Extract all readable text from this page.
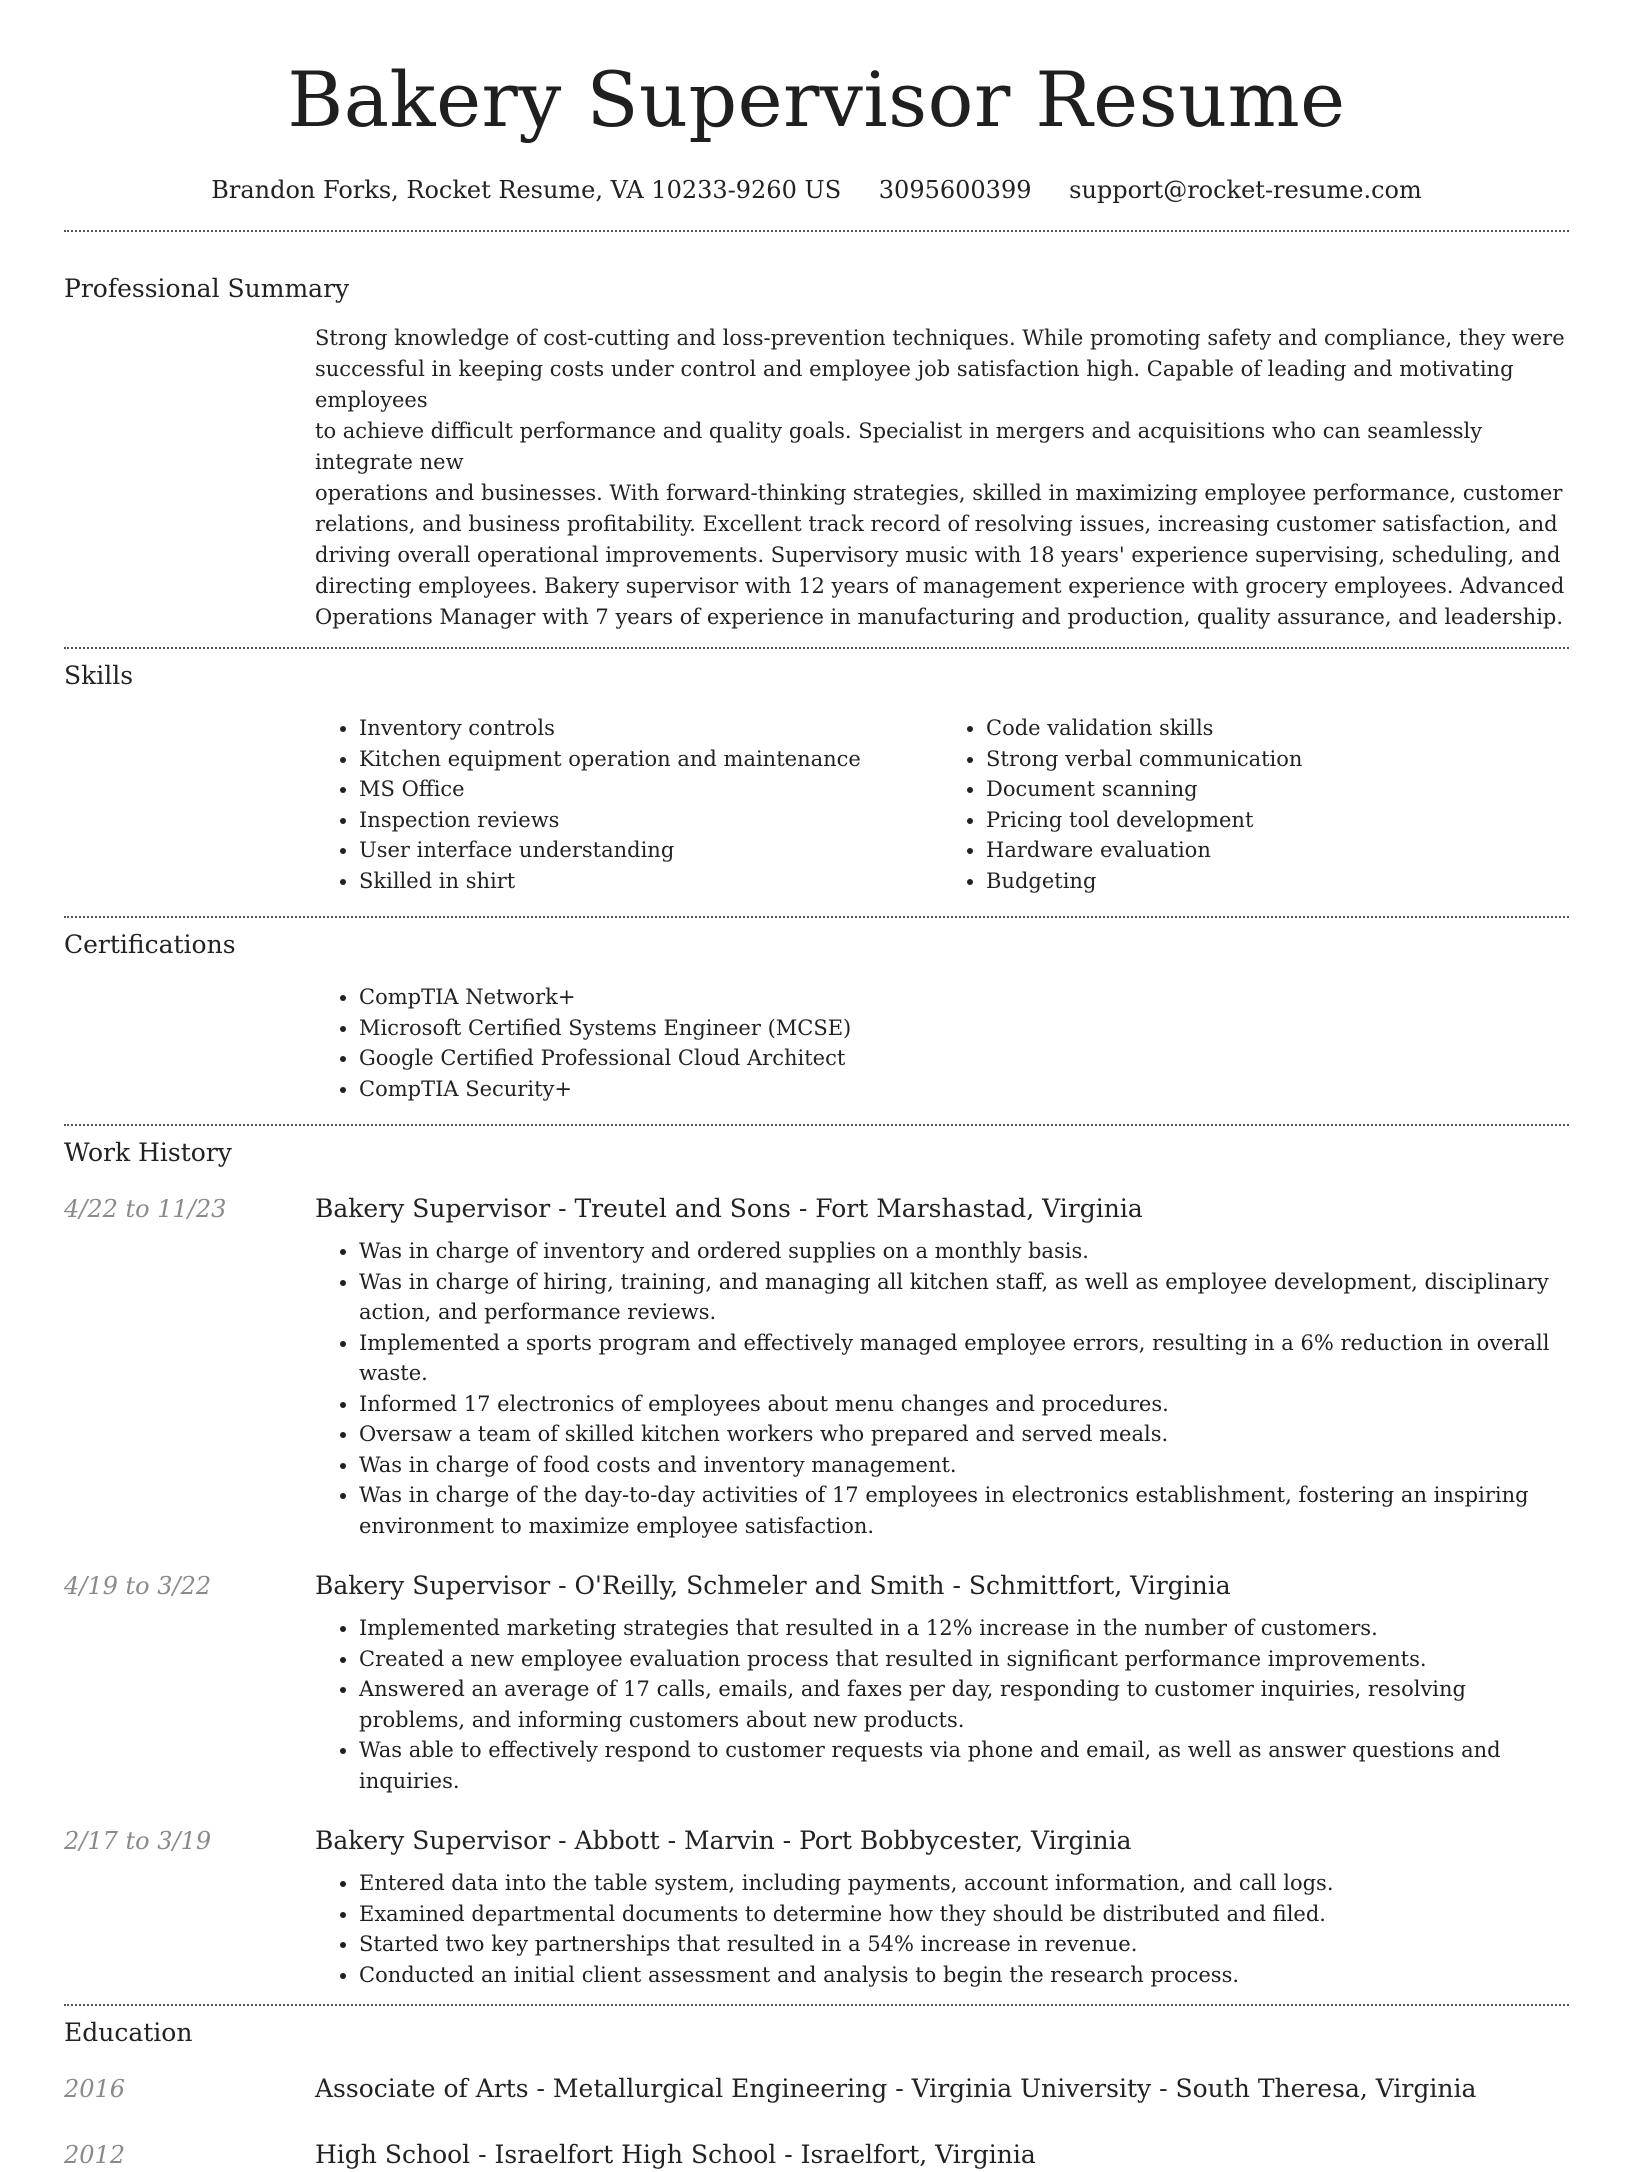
Bakery Supervisor Resume
Brandon Forks, Rocket Resume, VA 10233-9260 US 3095600399 support@rocket-resume.com
Professional Summary

Strong knowledge of cost-cutting and loss-prevention techniques. While promoting safety and compliance, they were

successful in keeping costs under control and employee job satisfaction high. Capable of leading and motivating employees

to achieve difficult performance and quality goals. Specialist in mergers and acquisitions who can seamlessly integrate new

operations and businesses. With forward-thinking strategies, skilled in maximizing employee performance, customer

relations, and business profitability. Excellent track record of resolving issues, increasing customer satisfaction, and

driving overall operational improvements. Supervisory music with 18 years' experience supervising, scheduling, and

directing employees. Bakery supervisor with 12 years of management experience with grocery employees. Advanced

Operations Manager with 7 years of experience in manufacturing and production, quality assurance, and leadership.

Skills
• Inventory controls
• Kitchen equipment operation and maintenance
• MS Office
• Inspection reviews
• User interface understanding
• Skilled in shirt
• Code validation skills
• Strong verbal communication
• Document scanning
• Pricing tool development
• Hardware evaluation
• Budgeting
Certifications
• CompTIA Network+
• Microsoft Certified Systems Engineer (MCSE)
• Google Certified Professional Cloud Architect
• CompTIA Security+
Work History
4/22 to 11/23	Bakery Supervisor - Treutel and Sons - Fort Marshastad, Virginia
• Was in charge of inventory and ordered supplies on a monthly basis.
• Was in charge of hiring, training, and managing all kitchen staff, as well as employee development, disciplinary action, and performance reviews.
• Implemented a sports program and effectively managed employee errors, resulting in a 6% reduction in overall waste.
• Informed 17 electronics of employees about menu changes and procedures.
• Oversaw a team of skilled kitchen workers who prepared and served meals.
• Was in charge of food costs and inventory management.
• Was in charge of the day-to-day activities of 17 employees in electronics establishment, fostering an inspiring environment to maximize employee satisfaction.
4/19 to 3/22	Bakery Supervisor - O'Reilly, Schmeler and Smith - Schmittfort, Virginia
• Implemented marketing strategies that resulted in a 12% increase in the number of customers.
• Created a new employee evaluation process that resulted in significant performance improvements.
• Answered an average of 17 calls, emails, and faxes per day, responding to customer inquiries, resolving problems, and informing customers about new products.
• Was able to effectively respond to customer requests via phone and email, as well as answer questions and inquiries.
2/17 to 3/19	Bakery Supervisor - Abbott - Marvin - Port Bobbycester, Virginia
• Entered data into the table system, including payments, account information, and call logs.
• Examined departmental documents to determine how they should be distributed and filed.
• Started two key partnerships that resulted in a 54% increase in revenue.
• Conducted an initial client assessment and analysis to begin the research process.
Education
2016	Associate of Arts - Metallurgical Engineering - Virginia University - South Theresa, Virginia
2012	High School - Israelfort High School - Israelfort, Virginia
